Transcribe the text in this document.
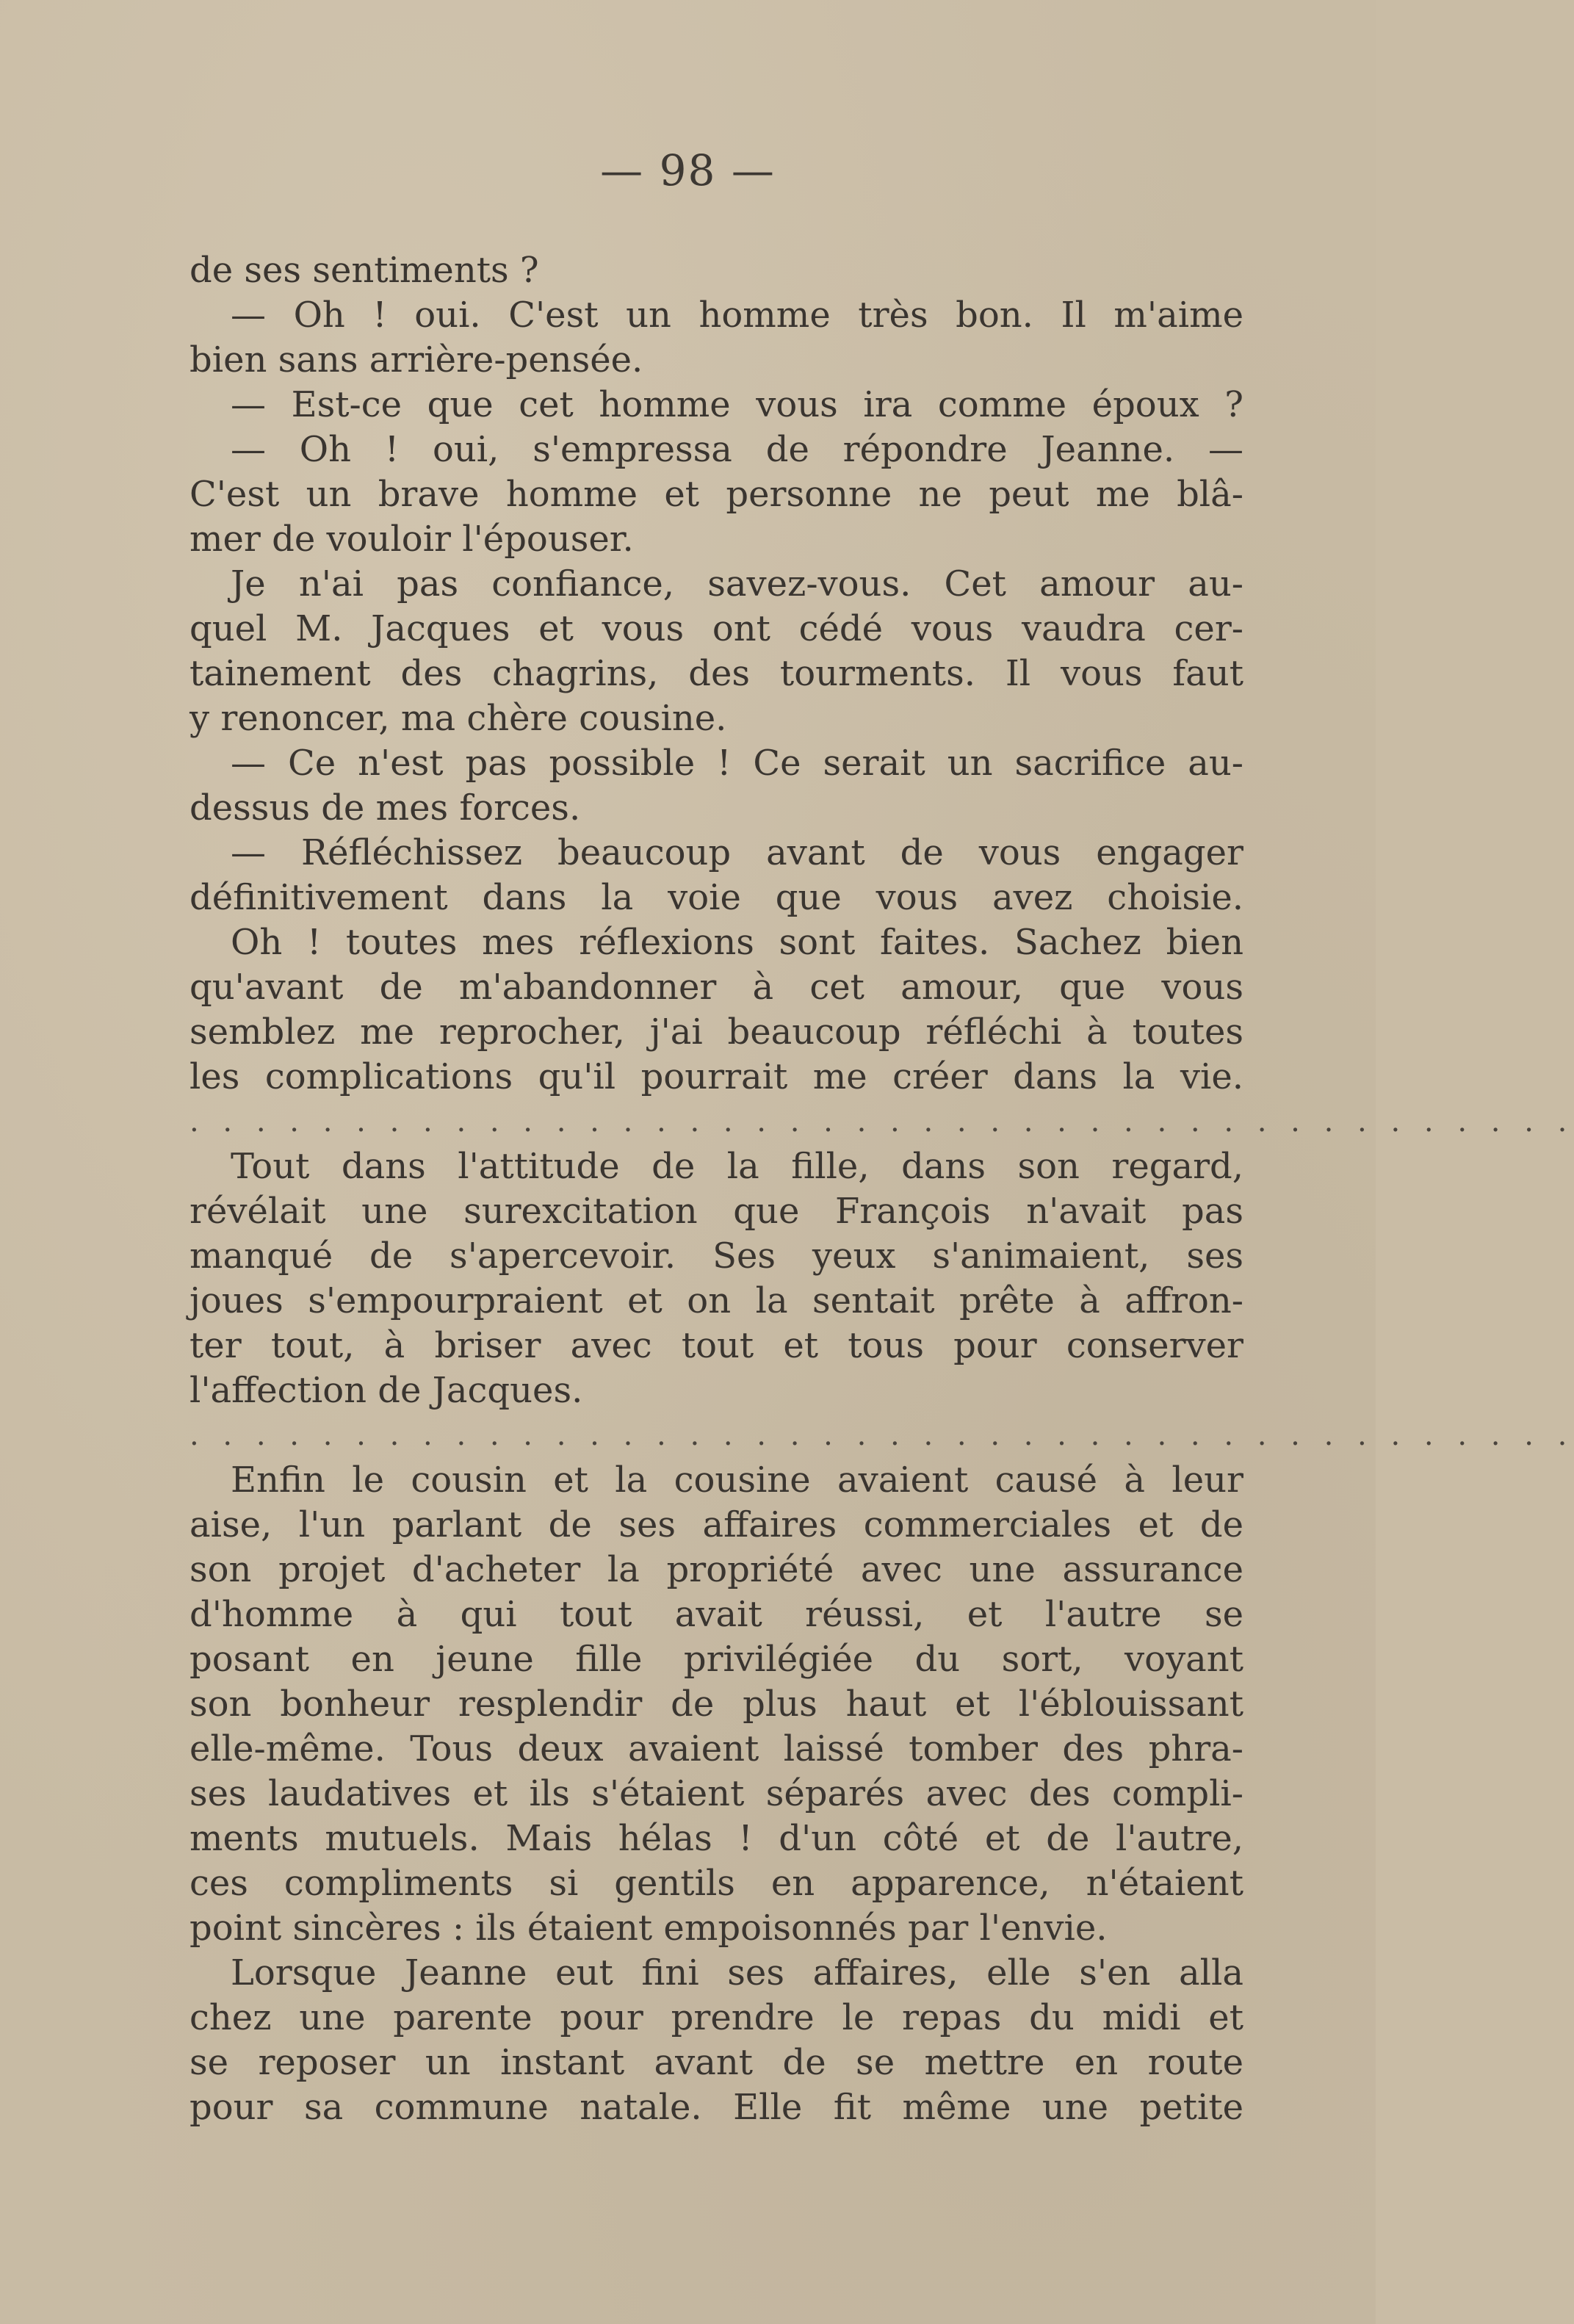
— 98 —
de ses sentiments ?
— Oh ! oui. C'est un homme très bon. Il m'aime
bien sans arrière-pensée.
— Est-ce que cet homme vous ira comme époux ?
— Oh ! oui, s'empressa de répondre Jeanne. —
C'est un brave homme et personne ne peut me blâ-
mer de vouloir l'épouser.
Je n'ai pas confiance, savez-vous. Cet amour au-
quel M. Jacques et vous ont cédé vous vaudra cer-
tainement des chagrins, des tourments. Il vous faut
y renoncer, ma chère cousine.
— Ce n'est pas possible ! Ce serait un sacrifice au-
dessus de mes forces.
— Réfléchissez beaucoup avant de vous engager
définitivement dans la voie que vous avez choisie.
Oh ! toutes mes réflexions sont faites. Sachez bien
qu'avant de m'abandonner à cet amour, que vous
semblez me reprocher, j'ai beaucoup réfléchi à toutes
les complications qu'il pourrait me créer dans la vie.
. . . . . . . . . . . . . . . . . . . . . . . . . . . . . . . . . . . . . . . . . .
Tout dans l'attitude de la fille, dans son regard,
révélait une surexcitation que François n'avait pas
manqué de s'apercevoir. Ses yeux s'animaient, ses
joues s'empourpraient et on la sentait prête à affron-
ter tout, à briser avec tout et tous pour conserver
l'affection de Jacques.
. . . . . . . . . . . . . . . . . . . . . . . . . . . . . . . . . . . . . . . . . .
Enfin le cousin et la cousine avaient causé à leur
aise, l'un parlant de ses affaires commerciales et de
son projet d'acheter la propriété avec une assurance
d'homme à qui tout avait réussi, et l'autre se
posant en jeune fille privilégiée du sort, voyant
son bonheur resplendir de plus haut et l'éblouissant
elle-même. Tous deux avaient laissé tomber des phra-
ses laudatives et ils s'étaient séparés avec des compli-
ments mutuels. Mais hélas ! d'un côté et de l'autre,
ces compliments si gentils en apparence, n'étaient
point sincères : ils étaient empoisonnés par l'envie.
Lorsque Jeanne eut fini ses affaires, elle s'en alla
chez une parente pour prendre le repas du midi et
se reposer un instant avant de se mettre en route
pour sa commune natale. Elle fit même une petite
